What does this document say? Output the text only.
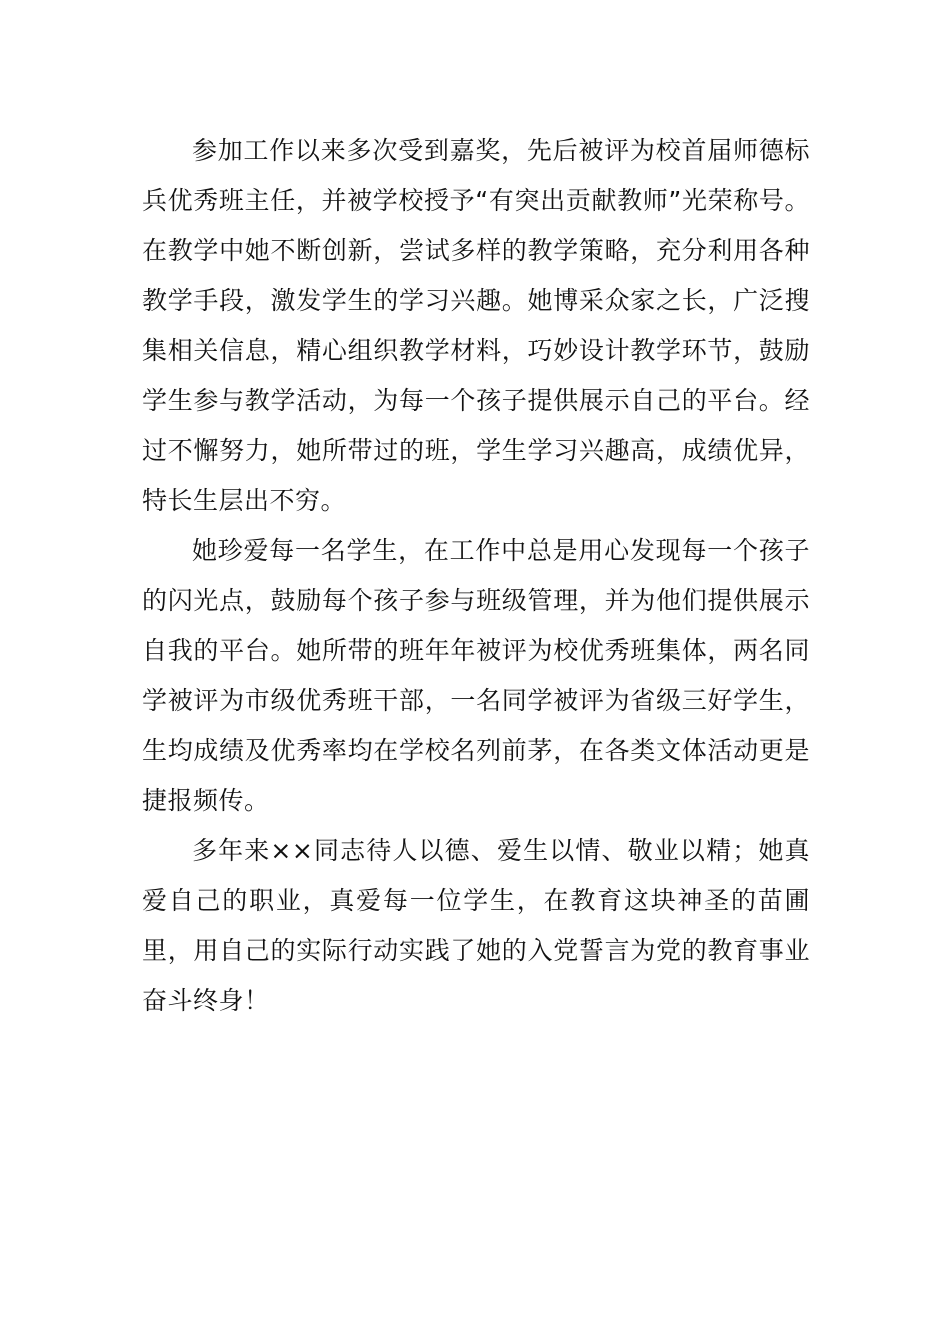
参加工作以来多次受到嘉奖，先后被评为校首届师德标兵优秀班主任，并被学校授予“有突出贡献教师”光荣称号。在教学中她不断创新，尝试多样的教学策略，充分利用各种教学手段，激发学生的学习兴趣。她博采众家之长，广泛搜集相关信息，精心组织教学材料，巧妙设计教学环节，鼓励学生参与教学活动，为每一个孩子提供展示自己的平台。经过不懈努力，她所带过的班，学生学习兴趣高，成绩优异，特长生层出不穷。

她珍爱每一名学生，在工作中总是用心发现每一个孩子的闪光点，鼓励每个孩子参与班级管理，并为他们提供展示自我的平台。她所带的班年年被评为校优秀班集体，两名同学被评为市级优秀班干部，一名同学被评为省级三好学生，生均成绩及优秀率均在学校名列前茅，在各类文体活动更是捷报频传。

多年来××同志待人以德、爱生以情、敬业以精；她真爱自己的职业，真爱每一位学生，在教育这块神圣的苗圃里，用自己的实际行动实践了她的入党誓言为党的教育事业奋斗终身！
